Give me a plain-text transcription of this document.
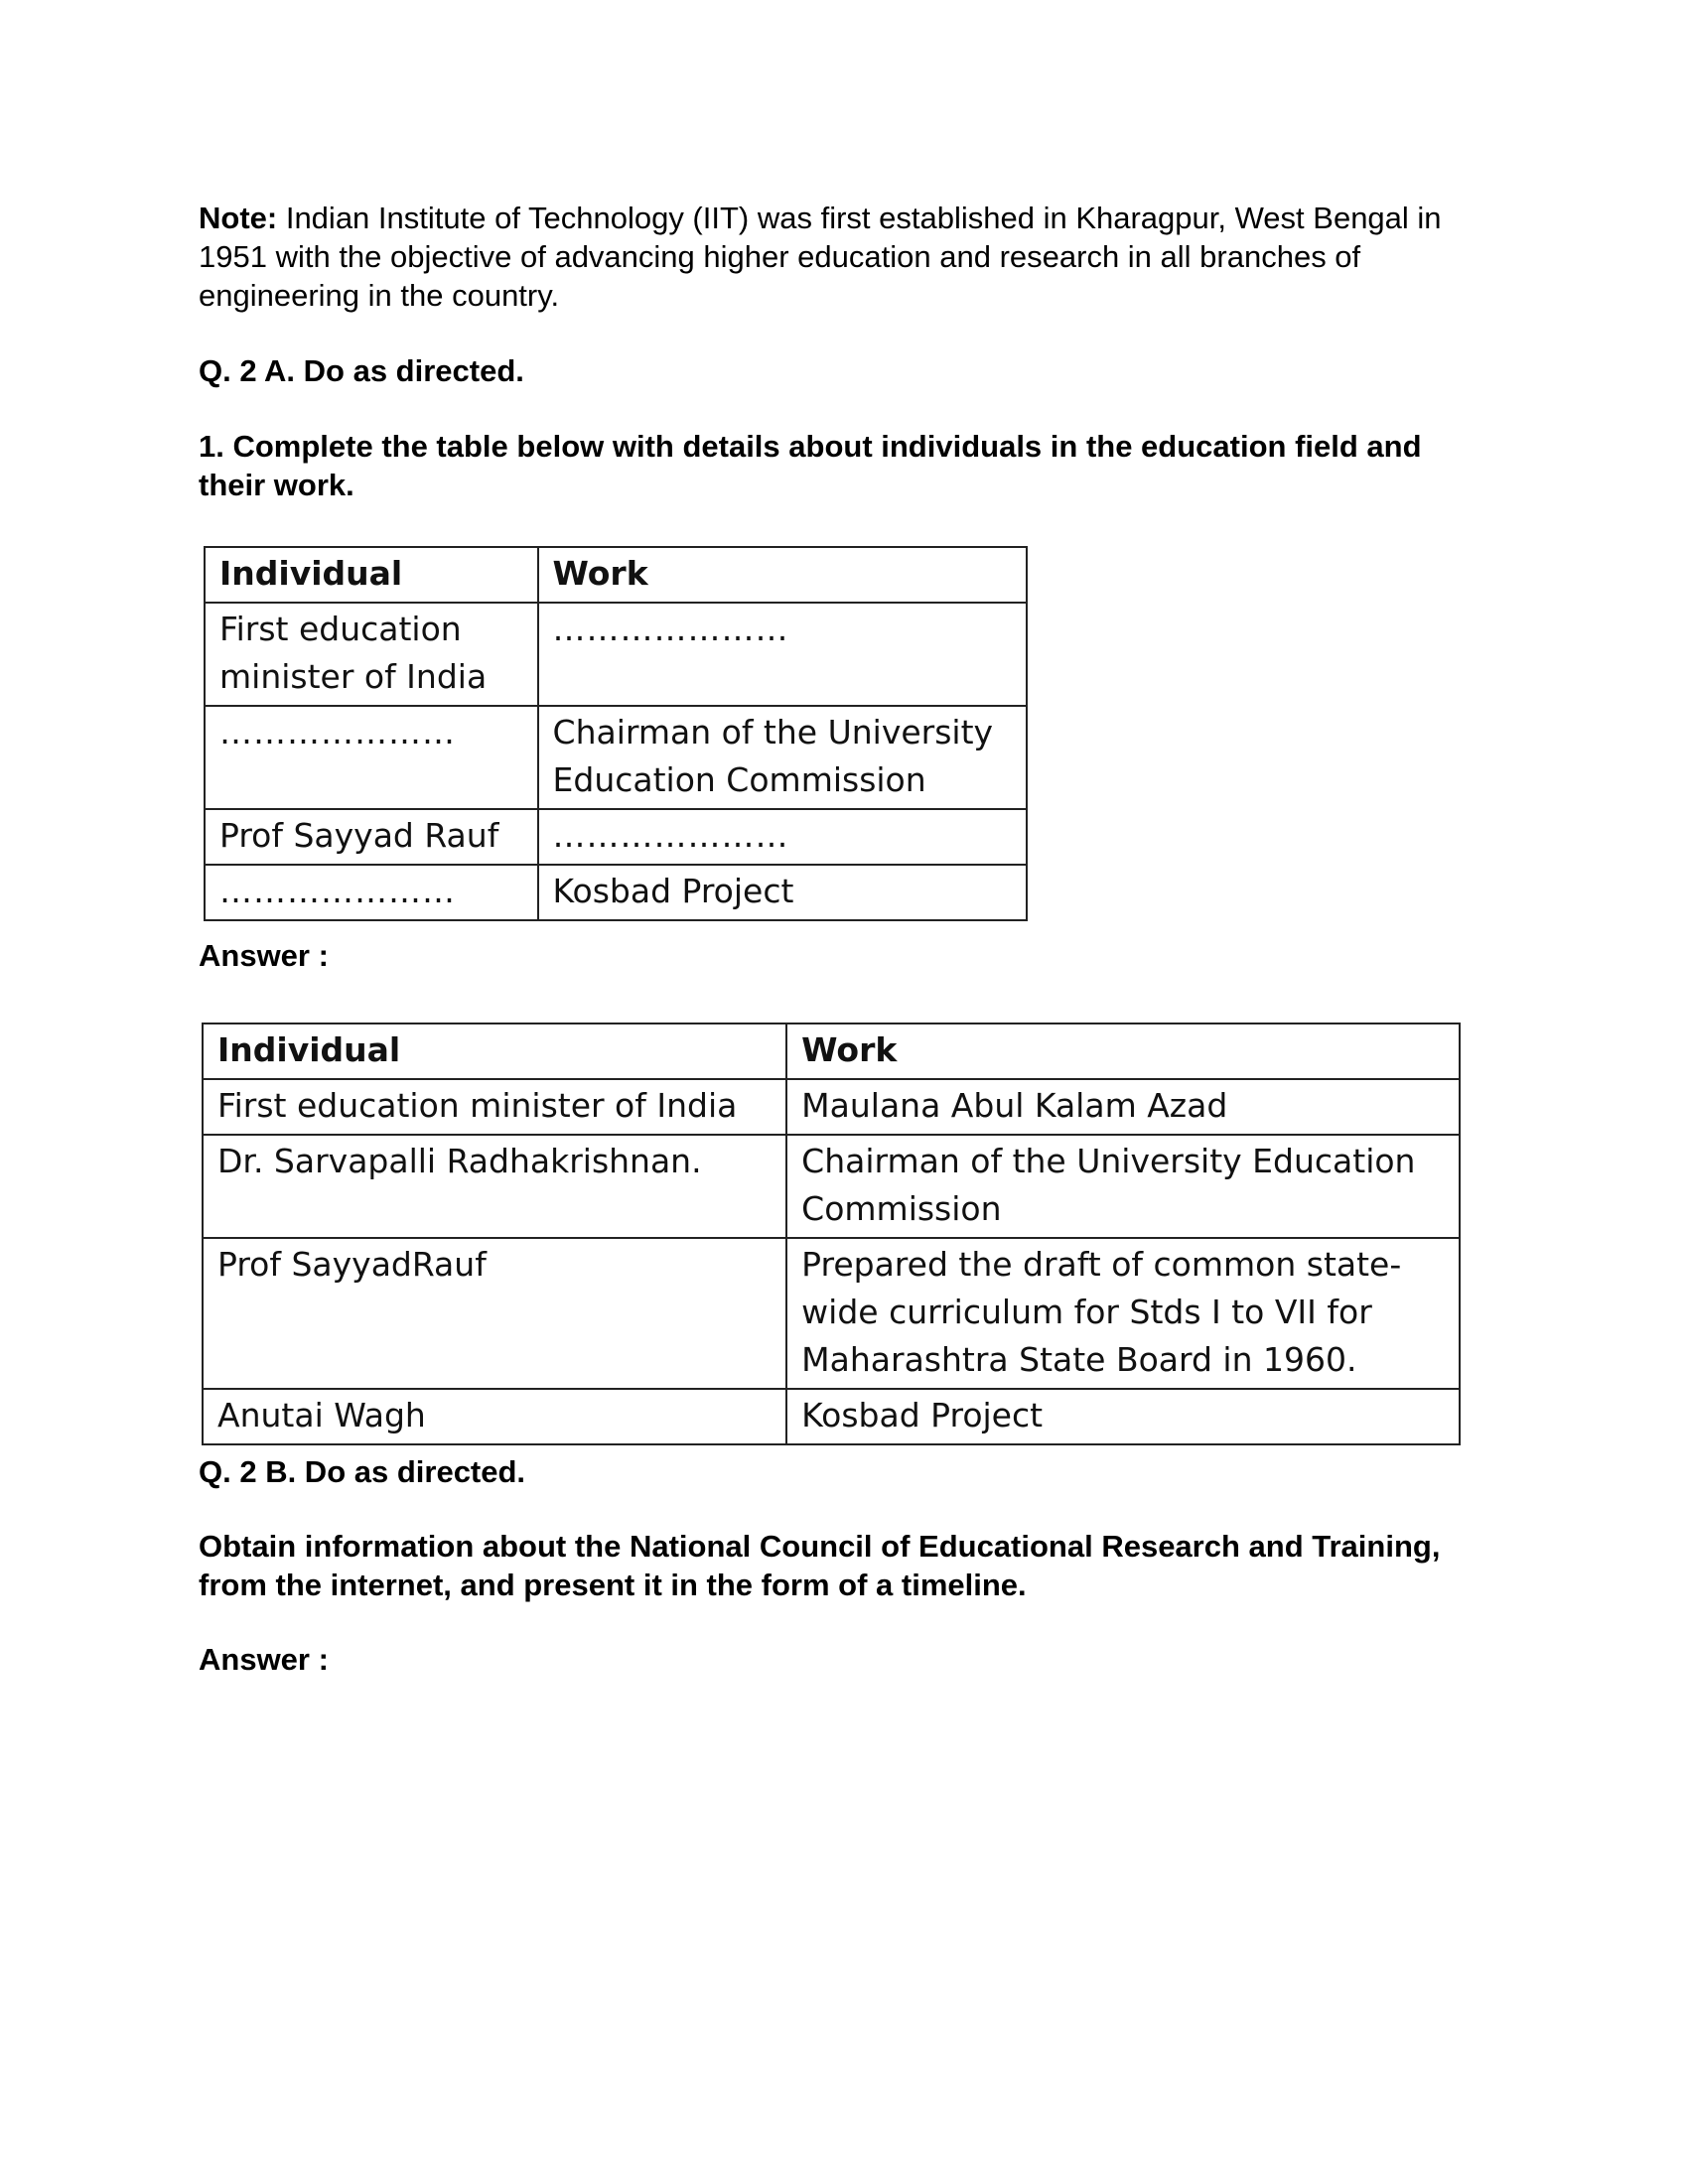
Note: Indian Institute of Technology (IIT) was first established in Kharagpur, West Bengal in 1951 with the objective of advancing higher education and research in all branches of engineering in the country.
Q. 2 A. Do as directed.
1. Complete the table below with details about individuals in the education field and their work.
Individual	Work
First education minister of India	…………………
…………………	Chairman of the University Education Commission
Prof Sayyad Rauf	…………………
…………………	Kosbad Project
Answer :
Individual	Work
First education minister of India	Maulana Abul Kalam Azad
Dr. Sarvapalli Radhakrishnan.	Chairman of the University Education Commission
Prof SayyadRauf	Prepared the draft of common state-wide curriculum for Stds I to VII for Maharashtra State Board in 1960.
Anutai Wagh	Kosbad Project
Q. 2 B. Do as directed.
Obtain information about the National Council of Educational Research and Training, from the internet, and present it in the form of a timeline.
Answer :
